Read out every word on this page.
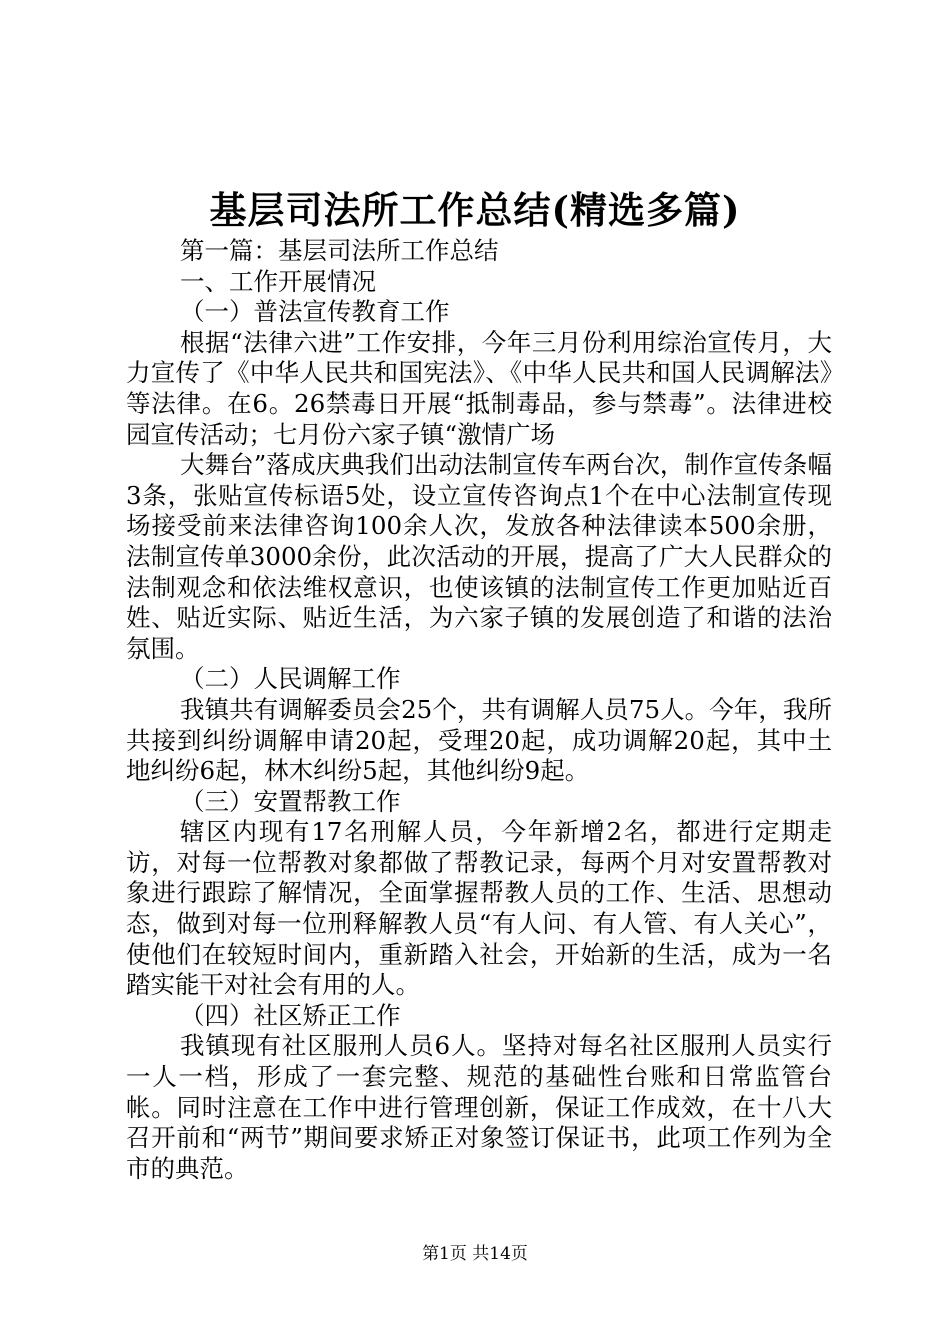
基层司法所工作总结(精选多篇)

第一篇：基层司法所工作总结

一、工作开展情况

（一）普法宣传教育工作

根据“法律六进”工作安排，今年三月份利用综治宣传月，大力宣传了《中华人民共和国宪法》、《中华人民共和国人民调解法》等法律。在6。26禁毒日开展“抵制毒品，参与禁毒”。法律进校园宣传活动；七月份六家子镇“激情广场

大舞台”落成庆典我们出动法制宣传车两台次，制作宣传条幅3条，张贴宣传标语5处，设立宣传咨询点1个在中心法制宣传现场接受前来法律咨询100余人次，发放各种法律读本500余册，法制宣传单3000余份，此次活动的开展，提高了广大人民群众的法制观念和依法维权意识，也使该镇的法制宣传工作更加贴近百姓、贴近实际、贴近生活，为六家子镇的发展创造了和谐的法治氛围。

（二）人民调解工作

我镇共有调解委员会25个，共有调解人员75人。今年，我所共接到纠纷调解申请20起，受理20起，成功调解20起，其中土地纠纷6起，林木纠纷5起，其他纠纷9起。

（三）安置帮教工作

辖区内现有17名刑解人员，今年新增2名，都进行定期走访，对每一位帮教对象都做了帮教记录，每两个月对安置帮教对象进行跟踪了解情况，全面掌握帮教人员的工作、生活、思想动态，做到对每一位刑释解教人员“有人问、有人管、有人关心”，使他们在较短时间内，重新踏入社会，开始新的生活，成为一名踏实能干对社会有用的人。

（四）社区矫正工作

我镇现有社区服刑人员6人。坚持对每名社区服刑人员实行一人一档，形成了一套完整、规范的基础性台账和日常监管台帐。同时注意在工作中进行管理创新，保证工作成效，在十八大召开前和“两节”期间要求矫正对象签订保证书，此项工作列为全市的典范。

第1页 共14页
